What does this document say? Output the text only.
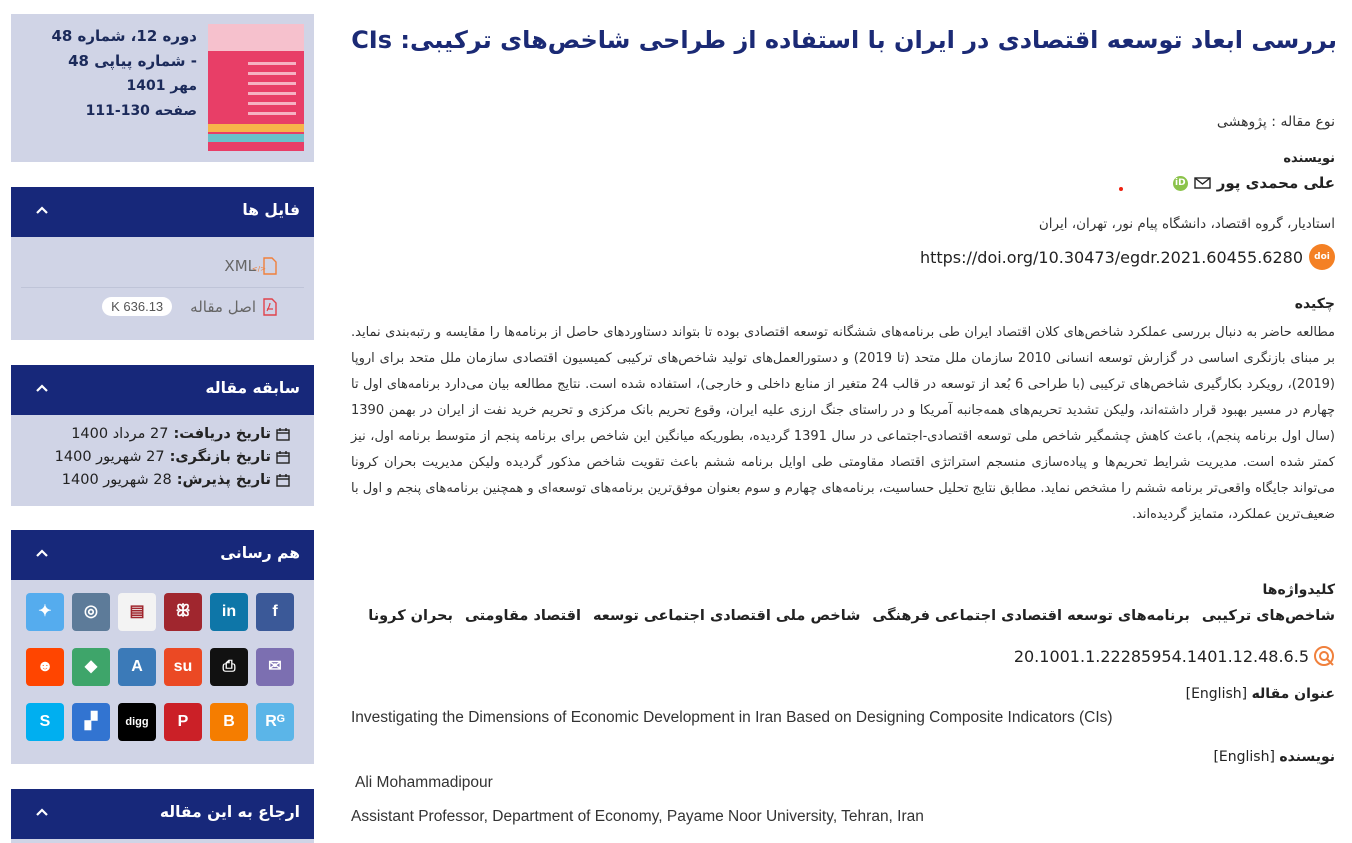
دوره 12، شماره 48
- شماره پیاپی 48
مهر 1401
صفحه 130-111
فایل ها
</>
XML
اصل مقاله
636.13 K
سابقه مقاله
تاریخ دریافت:
27 مرداد 1400
تاریخ بازنگری:
27 شهریور 1400
تاریخ پذیرش:
28 شهریور 1400
هم رسانی
f
in
ꕥ
▤
◎
✦
✉
⎙
su
A
◆
☻
Rᴳ
B
P
digg
▞
S
ارجاع به این مقاله
بررسی ابعاد توسعه اقتصادی در ایران با استفاده از طراحی شاخص‌های ترکیبی: CIs
نوع مقاله : پژوهشی
نویسنده
علی محمدی پور
iD
استادیار، گروه اقتصاد، دانشگاه پیام نور، تهران، ایران
doi
https://doi.org/10.30473/egdr.2021.60455.6280
چکیده
مطالعه حاضر به دنبال بررسی عملکرد شاخص‌های کلان اقتصاد ایران طی برنامه‌های ششگانه توسعه اقتصادی بوده تا بتواند دستاوردهای حاصل از برنامه‌ها را مقایسه و رتبه‌بندی نماید. بر مبنای بازنگری اساسی در گزارش توسعه انسانی 2010 سازمان ملل متحد (تا 2019) و دستورالعمل‌های تولید شاخص‌های ترکیبی کمیسیون اقتصادی سازمان ملل متحد برای اروپا (2019)، رویکرد بکارگیری شاخص‌های ترکیبی (با طراحی 6 بُعد از توسعه در قالب 24 متغیر از منابع داخلی و خارجی)، استفاده شده است. نتایج مطالعه بیان می‌دارد برنامه‌های اول تا چهارم در مسیر بهبود قرار داشته‌اند، ولیکن تشدید تحریم‌های همه‌جانبه آمریکا و در راستای جنگ ارزی علیه ایران، وقوع تحریم بانک مرکزی و تحریم خرید نفت از ایران در بهمن 1390 (سال اول برنامه پنجم)، باعث کاهش چشمگیر شاخص ملی توسعه اقتصادی-اجتماعی در سال 1391 گردیده، بطوریکه میانگین این شاخص برای برنامه پنجم از متوسط برنامه اول، نیز کمتر شده است. مدیریت شرایط تحریم‌ها و پیاده‌سازی منسجم استراتژی اقتصاد مقاومتی طی اوایل برنامه ششم باعث تقویت شاخص مذکور گردیده ولیکن مدیریت بحران کرونا می‌تواند جایگاه واقعی‌تر برنامه ششم را مشخص نماید. مطابق نتایج تحلیل حساسیت، برنامه‌های چهارم و سوم بعنوان موفق‌ترین برنامه‌های توسعه‌ای و همچنین برنامه‌های پنجم و اول با ضعیف‌ترین عملکرد، متمایز گردیده‌اند.
کلیدواژه‌ها
شاخص‌های ترکیبی
برنامه‌های توسعه اقتصادی اجتماعی فرهنگی
شاخص ملی اقتصادی اجتماعی توسعه
اقتصاد مقاومتی
بحران کرونا
20.1001.1.22285954.1401.12.48.6.5
عنوان مقاله [English]
Investigating the Dimensions of Economic Development in Iran Based on Designing Composite Indicators (CIs)
نویسنده [English]
Ali Mohammadipour
Assistant Professor, Department of Economy, Payame Noor University, Tehran, Iran
